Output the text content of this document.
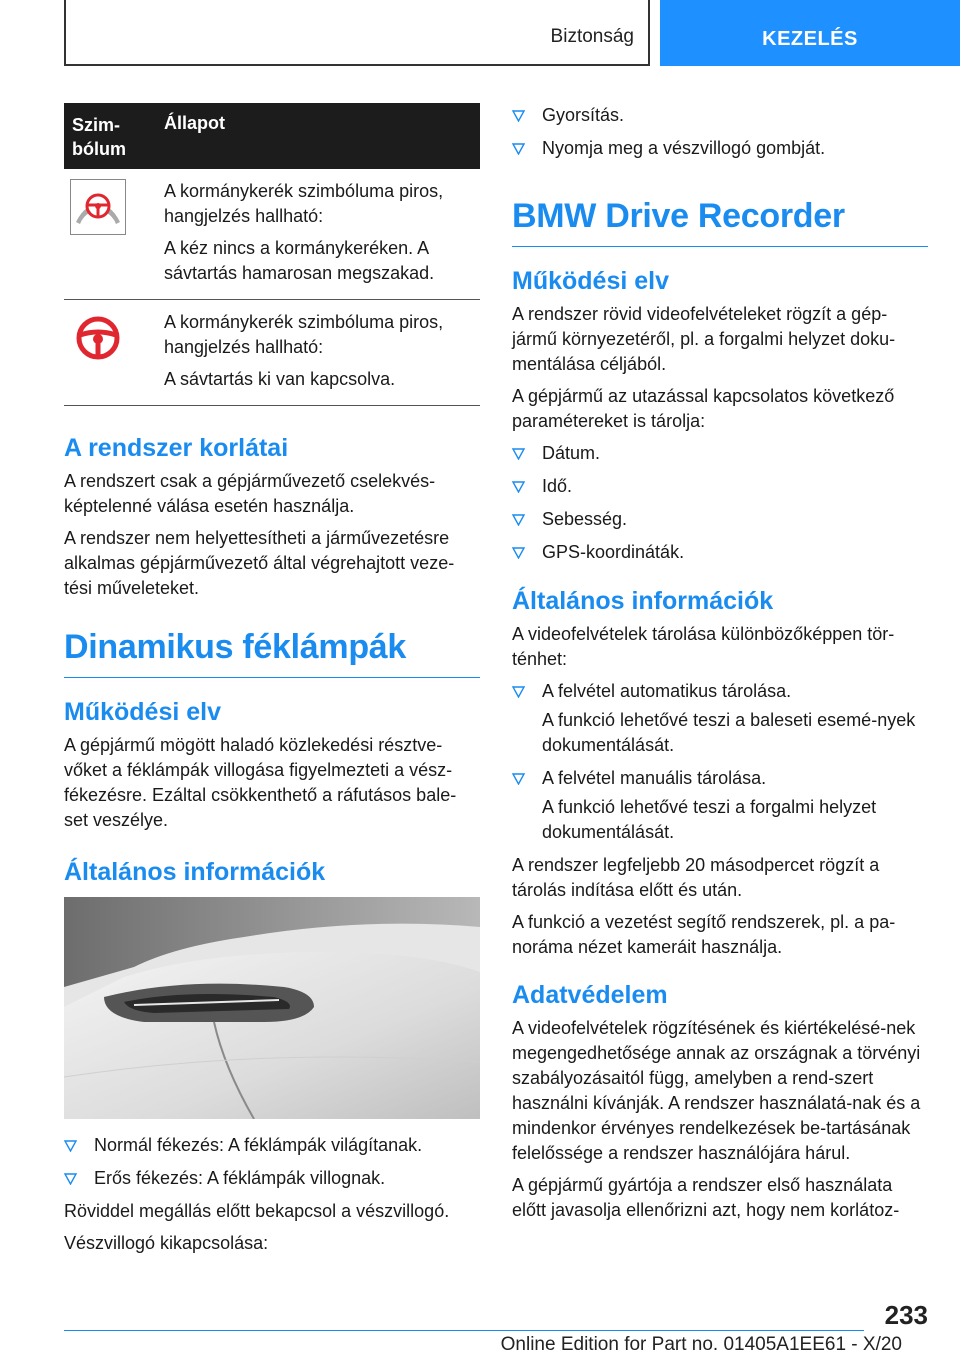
Biztonság	KEZELÉS
Szim-
bólum
Állapot

A kormánykerék szimbóluma piros, hangjelzés hallható:

A kéz nincs a kormánykeréken. A sávtartás hamarosan megszakad.

A kormánykerék szimbóluma piros, hangjelzés hallható:

A sávtartás ki van kapcsolva.

A rendszer korlátai

A rendszert csak a gépjárművezető cselekvés-képtelenné válása esetén használja.

A rendszer nem helyettesítheti a járművezetésre alkalmas gépjárművezető által végrehajtott veze-tési műveleteket.

Dinamikus féklámpák
Működési elv

A gépjármű mögött haladó közlekedési résztve-vőket a féklámpák villogása figyelmezteti a vész-fékezésre. Ezáltal csökkenthető a ráfutásos bale-set veszélye.

Általános információk
Normál fékezés: A féklámpák világítanak.
Erős fékezés: A féklámpák villognak.

Röviddel megállás előtt bekapcsol a vészvillogó.

Vészvillogó kikapcsolása:

Gyorsítás.
Nyomja meg a vészvillogó gombját.
BMW Drive Recorder
Működési elv

A rendszer rövid videofelvételeket rögzít a gép-jármű környezetéről, pl. a forgalmi helyzet doku-mentálása céljából.

A gépjármű az utazással kapcsolatos következő paramétereket is tárolja:

Dátum.
Idő.
Sebesség.
GPS-koordináták.
Általános információk

A videofelvételek tárolása különbözőképpen tör-ténhet:

A felvétel automatikus tárolása.
A funkció lehetővé teszi a baleseti esemé-nyek dokumentálását.
A felvétel manuális tárolása.
A funkció lehetővé teszi a forgalmi helyzet dokumentálását.

A rendszer legfeljebb 20 másodpercet rögzít a tárolás indítása előtt és után.

A funkció a vezetést segítő rendszerek, pl. a pa-noráma nézet kameráit használja.

Adatvédelem

A videofelvételek rögzítésének és kiértékelésé-nek megengedhetősége annak az országnak a törvényi szabályozásaitól függ, amelyben a rend-szert használni kívánják. A rendszer használatá-nak és a mindenkor érvényes rendelkezések be-tartásának felelőssége a rendszer használójára hárul.

A gépjármű gyártója a rendszer első használata előtt javasolja ellenőrizni azt, hogy nem korlátoz-

233
Online Edition for Part no. 01405A1EE61 - X/20
